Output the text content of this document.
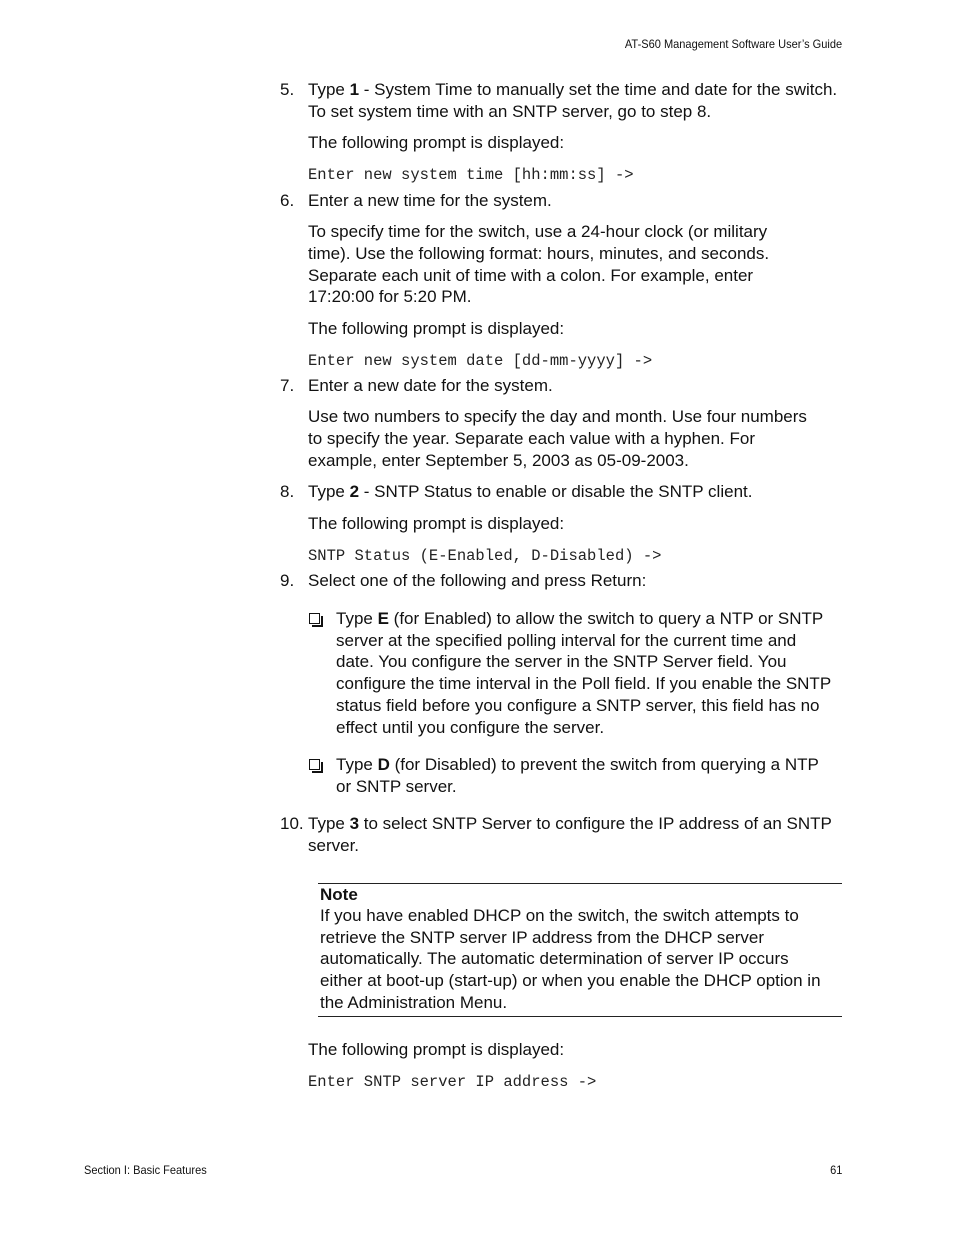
AT-S60 Management Software User’s Guide
5. Type 1 - System Time to manually set the time and date for the switch.

To set system time with an SNTP server, go to step 8.

The following prompt is displayed:

Enter new system time [hh:mm:ss] ->
6. Enter a new time for the system.

To specify time for the switch, use a 24-hour clock (or military

time). Use the following format: hours, minutes, and seconds.

Separate each unit of time with a colon. For example, enter

17:20:00 for 5:20 PM.

The following prompt is displayed:

Enter new system date [dd-mm-yyyy] ->
7. Enter a new date for the system.

Use two numbers to specify the day and month. Use four numbers

to specify the year. Separate each value with a hyphen. For

example, enter September 5, 2003 as 05-09-2003.

8. Type 2 - SNTP Status to enable or disable the SNTP client.

The following prompt is displayed:

SNTP Status (E-Enabled, D-Disabled) ->
9. Select one of the following and press Return:

Type E (for Enabled) to allow the switch to query a NTP or SNTP

server at the specified polling interval for the current time and

date. You configure the server in the SNTP Server field. You

configure the time interval in the Poll field. If you enable the SNTP

status field before you configure a SNTP server, this field has no

effect until you configure the server.

Type D (for Disabled) to prevent the switch from querying a NTP

or SNTP server.

10. Type 3 to select SNTP Server to configure the IP address of an SNTP

server.

Note

If you have enabled DHCP on the switch, the switch attempts to

retrieve the SNTP server IP address from the DHCP server

automatically. The automatic determination of server IP occurs

either at boot-up (start-up) or when you enable the DHCP option in

the Administration Menu.

The following prompt is displayed:

Enter SNTP server IP address ->
Section I: Basic Features	61
